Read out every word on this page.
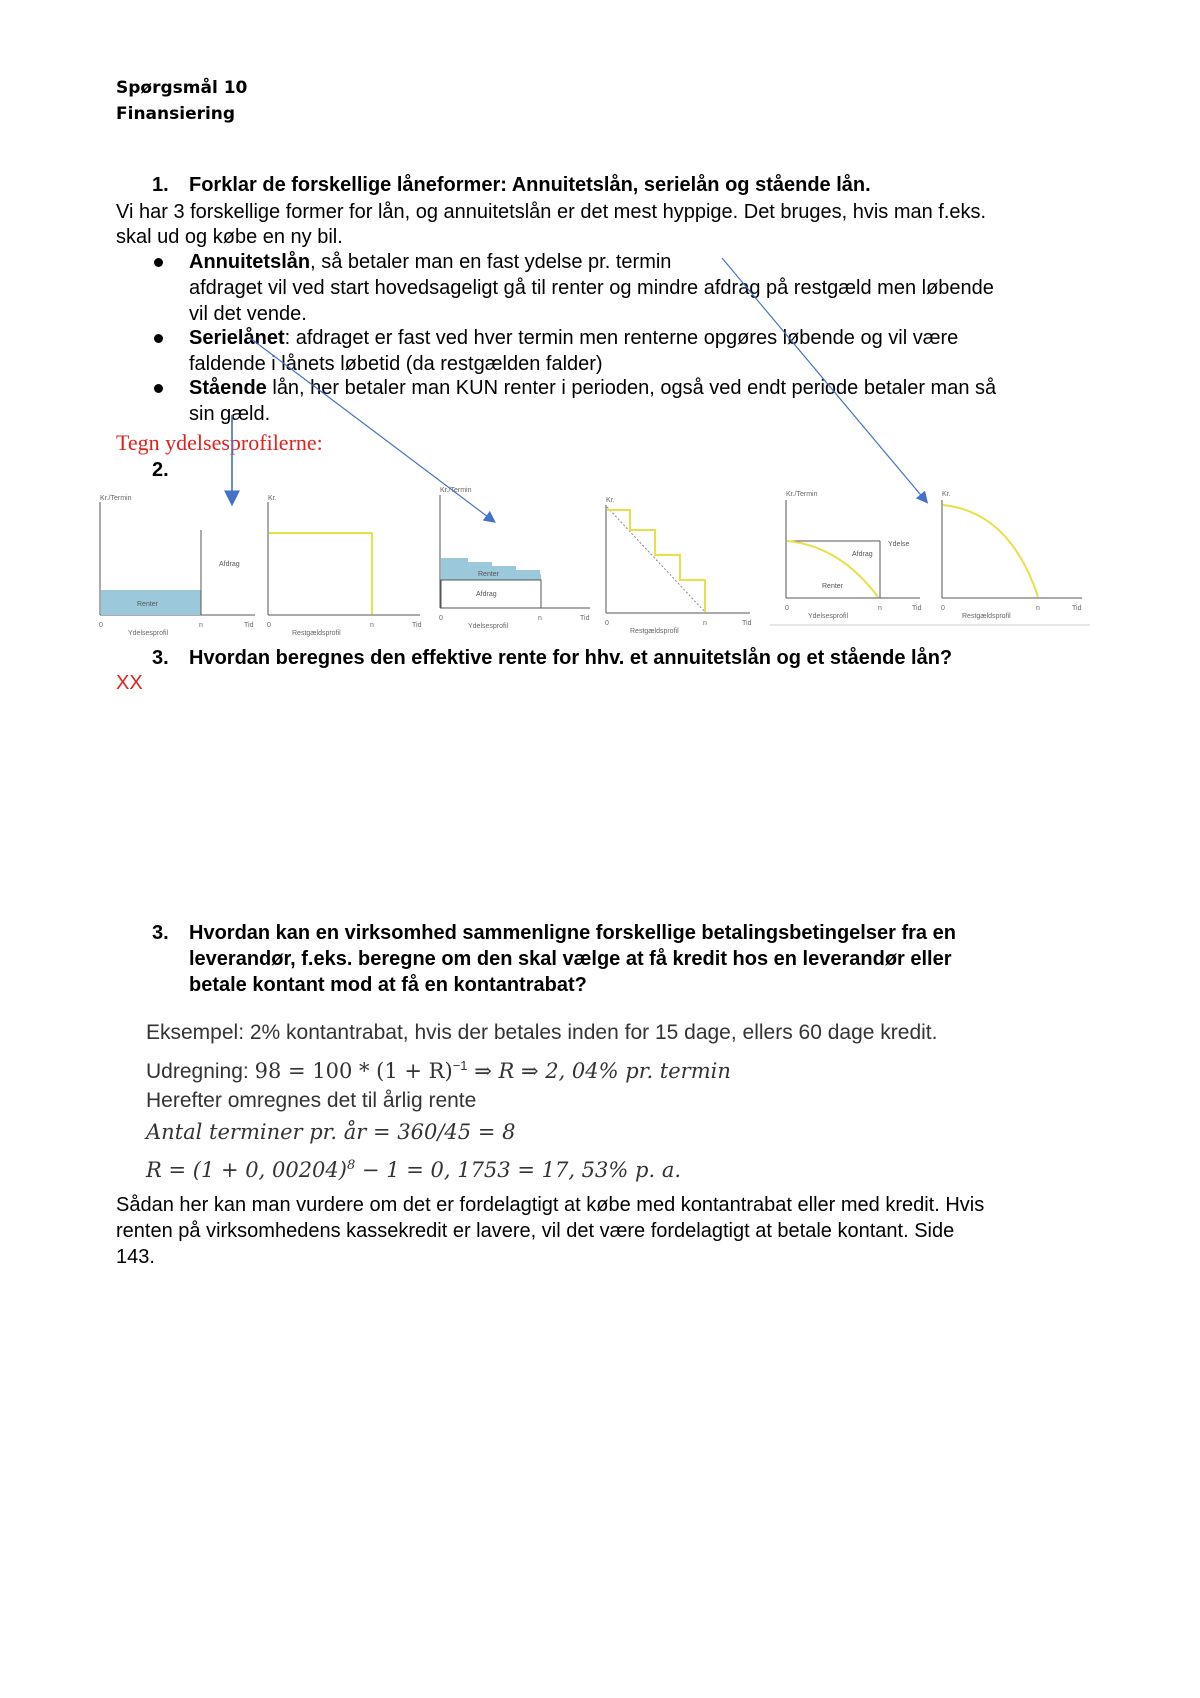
Spørgsmål 10
Finansiering
1. Forklar de forskellige låneformer: Annuitetslån, serielån og stående lån.
Vi har 3 forskellige former for lån, og annuitetslån er det mest hyppige. Det bruges, hvis man f.eks.
skal ud og købe en ny bil.
Annuitetslån, så betaler man en fast ydelse pr. termin
afdraget vil ved start hovedsageligt gå til renter og mindre afdrag på restgæld men løbende
vil det vende.
Serielånet: afdraget er fast ved hver termin men renterne opgøres løbende og vil være
faldende i lånets løbetid (da restgælden falder)
Stående lån, her betaler man KUN renter i perioden, også ved endt periode betaler man så
sin gæld.
Tegn ydelsesprofilerne:
2.
Kr./Termin
Renter
Afdrag
0	n	Tid
Ydelsesprofil
Kr.
0	n	Tid
Restgældsprofil
Kr./Termin
Renter
Afdrag
0	n	Tid
Ydelsesprofil
Kr.
0	n	Tid
Restgældsprofil
Kr./Termin
Ydelse
Afdrag
Renter
0	n	Tid
Ydelsesprofil
Kr.
0	n	Tid
Restgældsprofil
3. Hvordan beregnes den effektive rente for hhv. et annuitetslån og et stående lån?
XX
3. Hvordan kan en virksomhed sammenligne forskellige betalingsbetingelser fra en
leverandør, f.eks. beregne om den skal vælge at få kredit hos en leverandør eller
betale kontant mod at få en kontantrabat?
Eksempel: 2% kontantrabat, hvis der betales inden for 15 dage, ellers 60 dage kredit.
Udregning: $98 = 100 * (1 + R)^{-1}$ ⇒ R ⇒ 2, 04% pr. termin
Herefter omregnes det til årlig rente
Antal terminer pr. år = 360/45 = 8
R = (1 + 0, 00204)$^8$ − 1 = 0, 1753 = 17, 53% p. a.
Sådan her kan man vurdere om det er fordelagtigt at købe med kontantrabat eller med kredit. Hvis
renten på virksomhedens kassekredit er lavere, vil det være fordelagtigt at betale kontant. Side
143.
